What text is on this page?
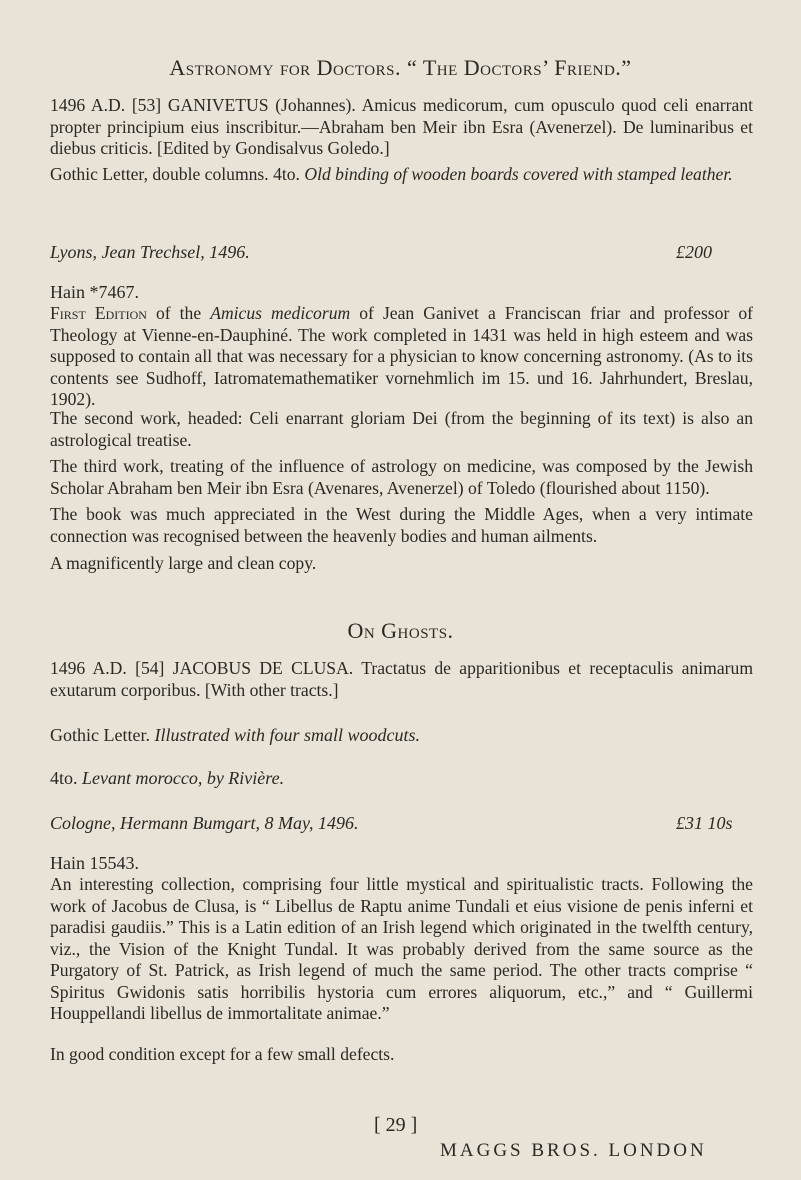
Astronomy for Doctors. “ The Doctors’ Friend.”

1496 A.D. [53] GANIVETUS (Johannes). Amicus medicorum, cum opusculo quod celi enarrant propter principium eius inscribitur.—Abraham ben Meir ibn Esra (Avenerzel). De luminaribus et diebus criticis. [Edited by Gondisalvus Goledo.]

Gothic Letter, double columns. 4to. Old binding of wooden boards covered with stamped leather.

Lyons, Jean Trechsel, 1496.	£200
Hain *7467.

First Edition of the Amicus medicorum of Jean Ganivet a Franciscan friar and professor of Theology at Vienne-en-Dauphiné. The work completed in 1431 was held in high esteem and was supposed to contain all that was necessary for a physician to know concerning astronomy. (As to its contents see Sudhoff, Iatromatemathematiker vornehmlich im 15. und 16. Jahrhundert, Breslau, 1902).

The second work, headed: Celi enarrant gloriam Dei (from the beginning of its text) is also an astrological treatise.

The third work, treating of the influence of astrology on medicine, was composed by the Jewish Scholar Abraham ben Meir ibn Esra (Avenares, Avenerzel) of Toledo (flourished about 1150).

The book was much appreciated in the West during the Middle Ages, when a very intimate connection was recognised between the heavenly bodies and human ailments.

A magnificently large and clean copy.

On Ghosts.

1496 A.D. [54] JACOBUS DE CLUSA. Tractatus de apparitionibus et receptaculis animarum exutarum corporibus. [With other tracts.]

Gothic Letter. Illustrated with four small woodcuts.
4to. Levant morocco, by Rivière.
Cologne, Hermann Bumgart, 8 May, 1496.	£31 10s
Hain 15543.

An interesting collection, comprising four little mystical and spiritualistic tracts. Following the work of Jacobus de Clusa, is “ Libellus de Raptu anime Tundali et eius visione de penis inferni et paradisi gaudiis.” This is a Latin edition of an Irish legend which originated in the twelfth century, viz., the Vision of the Knight Tundal. It was probably derived from the same source as the Purgatory of St. Patrick, as Irish legend of much the same period. The other tracts comprise “ Spiritus Gwidonis satis horribilis hystoria cum errores aliquorum, etc.,” and “ Guillermi Houppellandi libellus de immortalitate animae.”

In good condition except for a few small defects.

[ 29 ]
MAGGS BROS. LONDON
